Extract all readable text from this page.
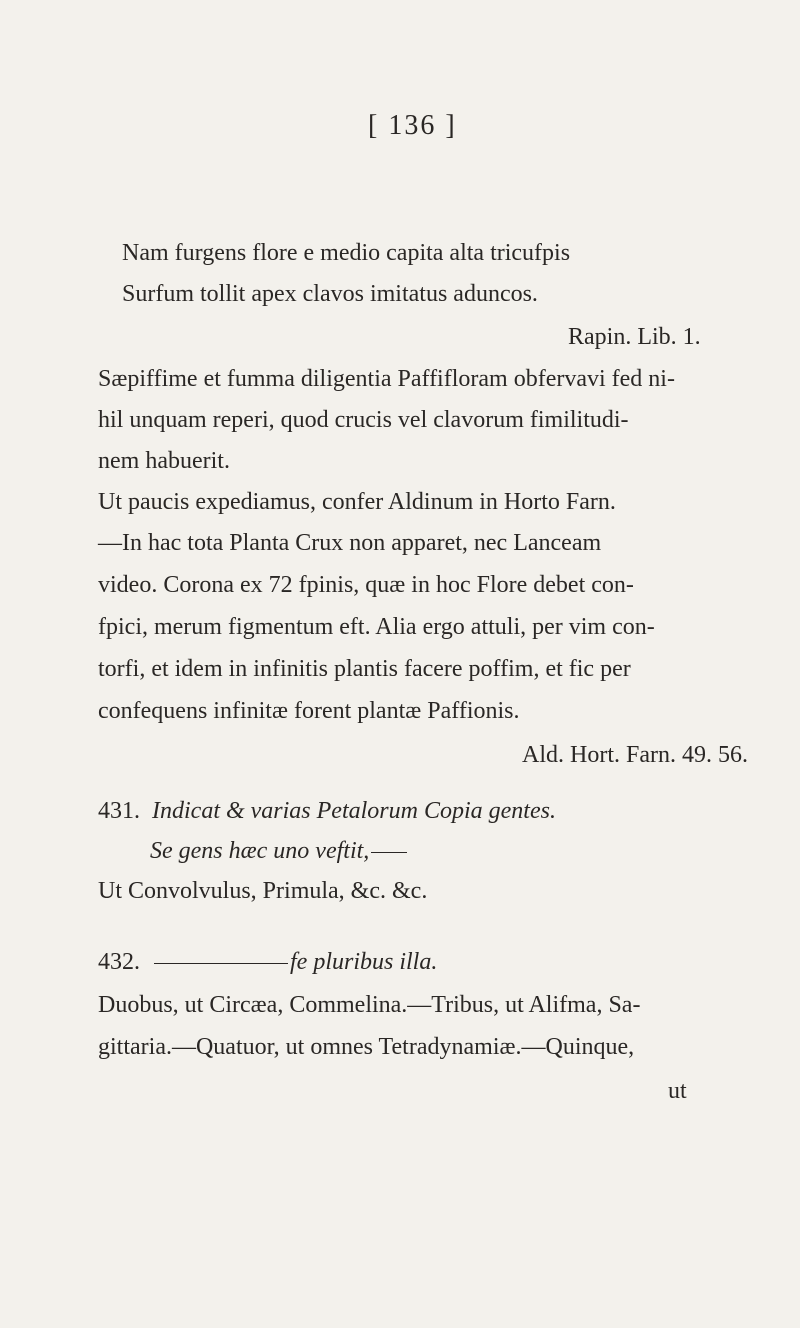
[ 136 ]
Nam furgens flore e medio capita alta tricufpis
Surfum tollit apex clavos imitatus aduncos.
Rapin. Lib. 1.
Sæpiffime et fumma diligentia Paffifloram obfervavi fed ni-
hil unquam reperi, quod crucis vel clavorum fimilitudi-
nem habuerit.
Ut paucis expediamus, confer Aldinum in Horto Farn.
—In hac tota Planta Crux non apparet, nec Lanceam
video. Corona ex 72 fpinis, quæ in hoc Flore debet con-
fpici, merum figmentum eft. Alia ergo attuli, per vim con-
torfi, et idem in infinitis plantis facere poffim, et fic per
confequens infinitæ forent plantæ Paffionis.
Ald. Hort. Farn. 49. 56.
431. Indicat & varias Petalorum Copia gentes.
Se gens hæc uno veftit,
Ut Convolvulus, Primula, &c. &c.
432.	fe pluribus illa.
Duobus, ut Circæa, Commelina.—Tribus, ut Alifma, Sa-
gittaria.—Quatuor, ut omnes Tetradynamiæ.—Quinque,
ut
